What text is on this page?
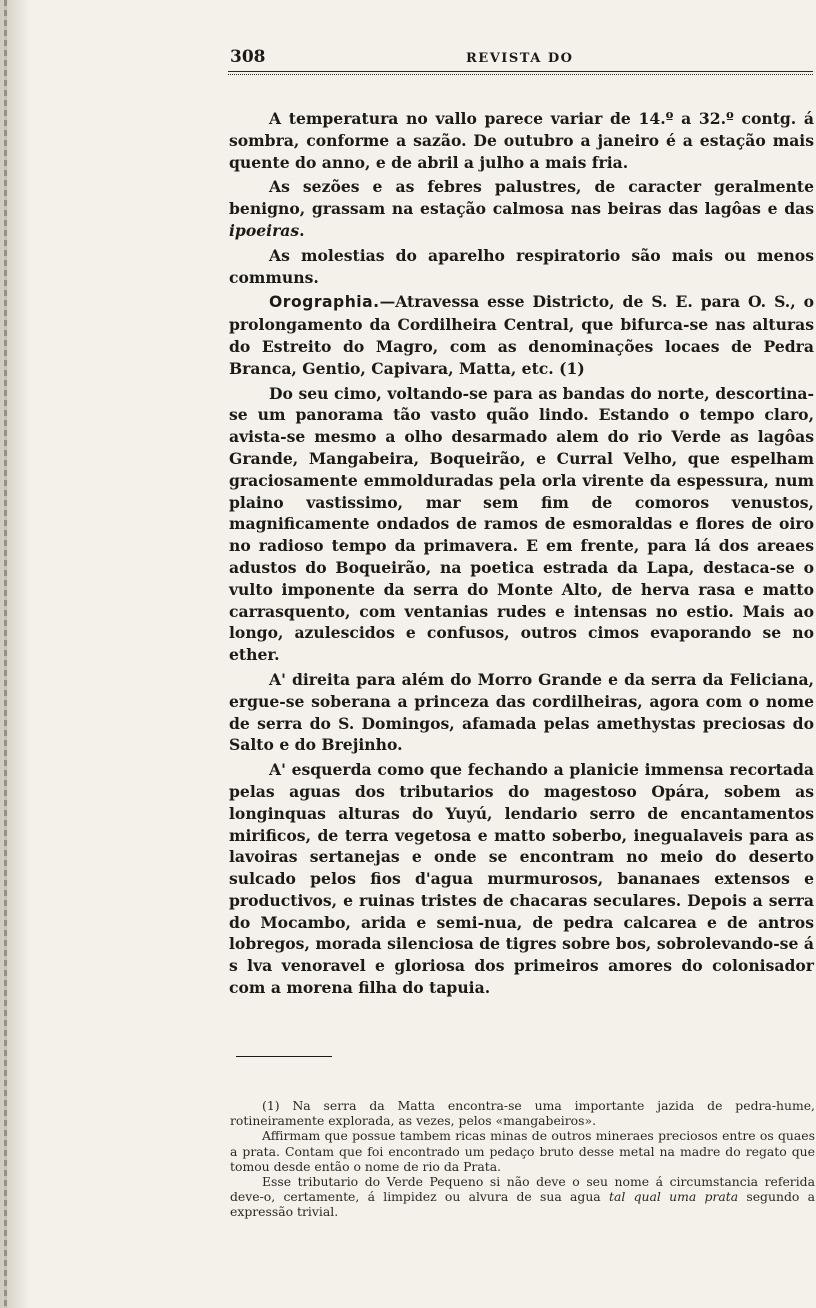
308	REVISTA DO

A temperatura no vallo parece variar de 14.º a 32.º contg. á sombra, conforme a sazão. De outubro a janeiro é a estação mais quente do anno, e de abril a julho a mais fria.

As sezões e as febres palustres, de caracter geralmente benigno, grassam na estação calmosa nas beiras das lagôas e das ipoeiras.

As molestias do aparelho respiratorio são mais ou menos communs.

Orographia.—Atravessa esse Districto, de S. E. para O. S., o prolongamento da Cordilheira Central, que bifurca-se nas alturas do Estreito do Magro, com as denominações locaes de Pedra Branca, Gentio, Capivara, Matta, etc. (1)

Do seu cimo, voltando-se para as bandas do norte, descortina-se um panorama tão vasto quão lindo. Estando o tempo claro, avista-se mesmo a olho desarmado alem do rio Verde as lagôas Grande, Mangabeira, Boqueirão, e Curral Velho, que espelham graciosamente emmolduradas pela orla virente da espessura, num plaino vastissimo, mar sem fim de comoros venustos, magnificamente ondados de ramos de esmoraldas e flores de oiro no radioso tempo da primavera. E em frente, para lá dos areaes adustos do Boqueirão, na poetica estrada da Lapa, destaca-se o vulto imponente da serra do Monte Alto, de herva rasa e matto carrasquento, com ventanias rudes e intensas no estio. Mais ao longo, azulescidos e confusos, outros cimos evaporando se no ether.

A' direita para além do Morro Grande e da serra da Feliciana, ergue-se soberana a princeza das cordilheiras, agora com o nome de serra do S. Domingos, afamada pelas amethystas preciosas do Salto e do Brejinho.

A' esquerda como que fechando a planicie immensa recortada pelas aguas dos tributarios do magestoso Opára, sobem as longinquas alturas do Yuyú, lendario serro de encantamentos mirificos, de terra vegetosa e matto soberbo, inegualaveis para as lavoiras sertanejas e onde se encontram no meio do deserto sulcado pelos fios d'agua murmurosos, bananaes extensos e productivos, e ruinas tristes de chacaras seculares. Depois a serra do Mocambo, arida e semi-nua, de pedra calcarea e de antros lobregos, morada silenciosa de tigres sobre bos, sobrolevando-se á s lva venoravel e gloriosa dos primeiros amores do colonisador com a morena filha do tapuia.

(1) Na serra da Matta encontra-se uma importante jazida de pedra-hume, rotineiramente explorada, as vezes, pelos «mangabeiros».

Affirmam que possue tambem ricas minas de outros mineraes preciosos entre os quaes a prata. Contam que foi encontrado um pedaço bruto desse metal na madre do regato que tomou desde então o nome de rio da Prata.

Esse tributario do Verde Pequeno si não deve o seu nome á circumstancia referida deve-o, certamente, á limpidez ou alvura de sua agua tal qual uma prata segundo a expressão trivial.
